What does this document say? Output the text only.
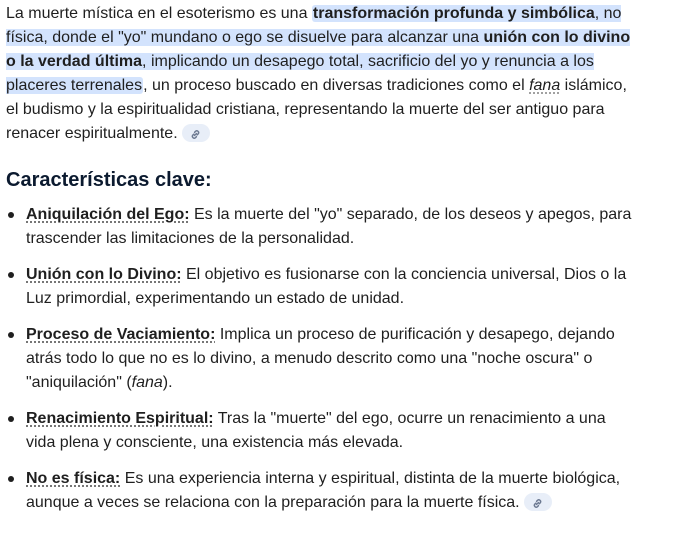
La muerte mística en el esoterismo es una transformación profunda y simbólica, no física, donde el "yo" mundano o ego se disuelve para alcanzar una unión con lo divino o la verdad última, implicando un desapego total, sacrificio del yo y renuncia a los placeres terrenales, un proceso buscado en diversas tradiciones como el fana islámico, el budismo y la espiritualidad cristiana, representando la muerte del ser antiguo para renacer espiritualmente.

Características clave:
Aniquilación del Ego: Es la muerte del "yo" separado, de los deseos y apegos, para trascender las limitaciones de la personalidad.
Unión con lo Divino: El objetivo es fusionarse con la conciencia universal, Dios o la Luz primordial, experimentando un estado de unidad.
Proceso de Vaciamiento: Implica un proceso de purificación y desapego, dejando atrás todo lo que no es lo divino, a menudo descrito como una "noche oscura" o "aniquilación" (fana).
Renacimiento Espiritual: Tras la "muerte" del ego, ocurre un renacimiento a una vida plena y consciente, una existencia más elevada.
No es física: Es una experiencia interna y espiritual, distinta de la muerte biológica, aunque a veces se relaciona con la preparación para la muerte física.
